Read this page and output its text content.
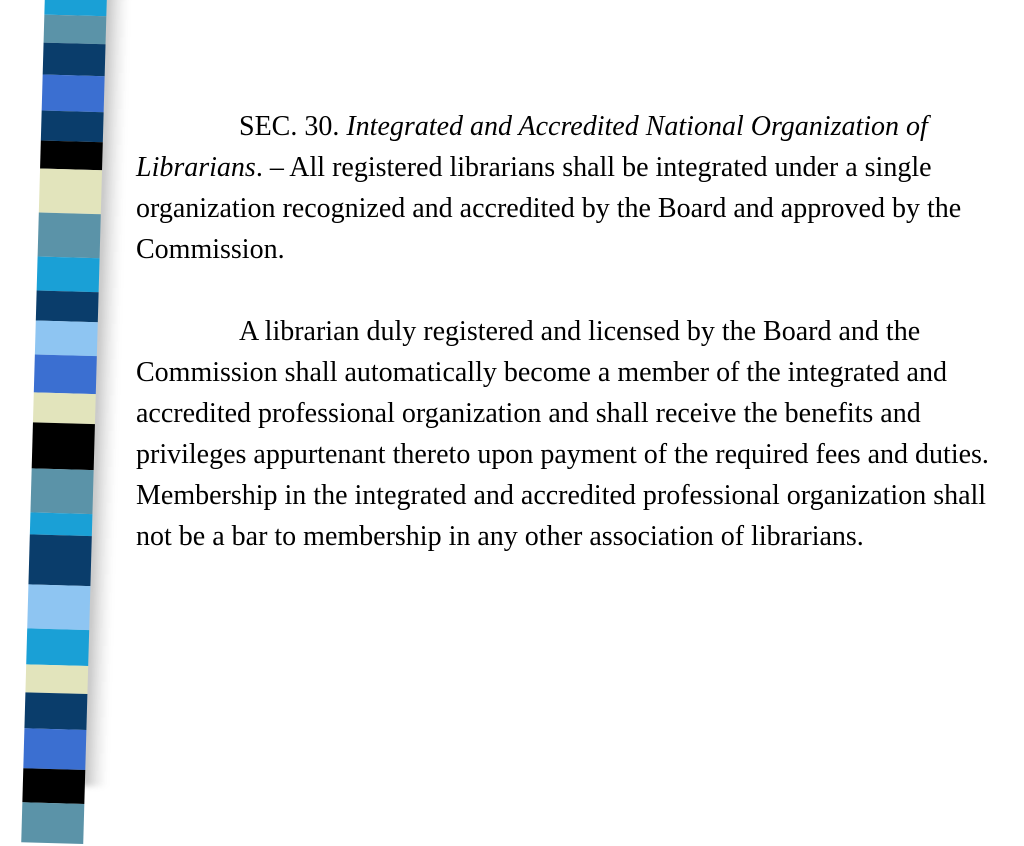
SEC. 30. Integrated and Accredited National Organization of Librarians. – All registered librarians shall be integrated under a single organization recognized and accredited by the Board and approved by the Commission.

A librarian duly registered and licensed by the Board and the Commission shall automatically become a member of the integrated and accredited professional organization and shall receive the benefits and privileges appurtenant thereto upon payment of the required fees and duties.  Membership in the integrated and accredited professional organization shall not be a bar to membership in any other association of librarians.
